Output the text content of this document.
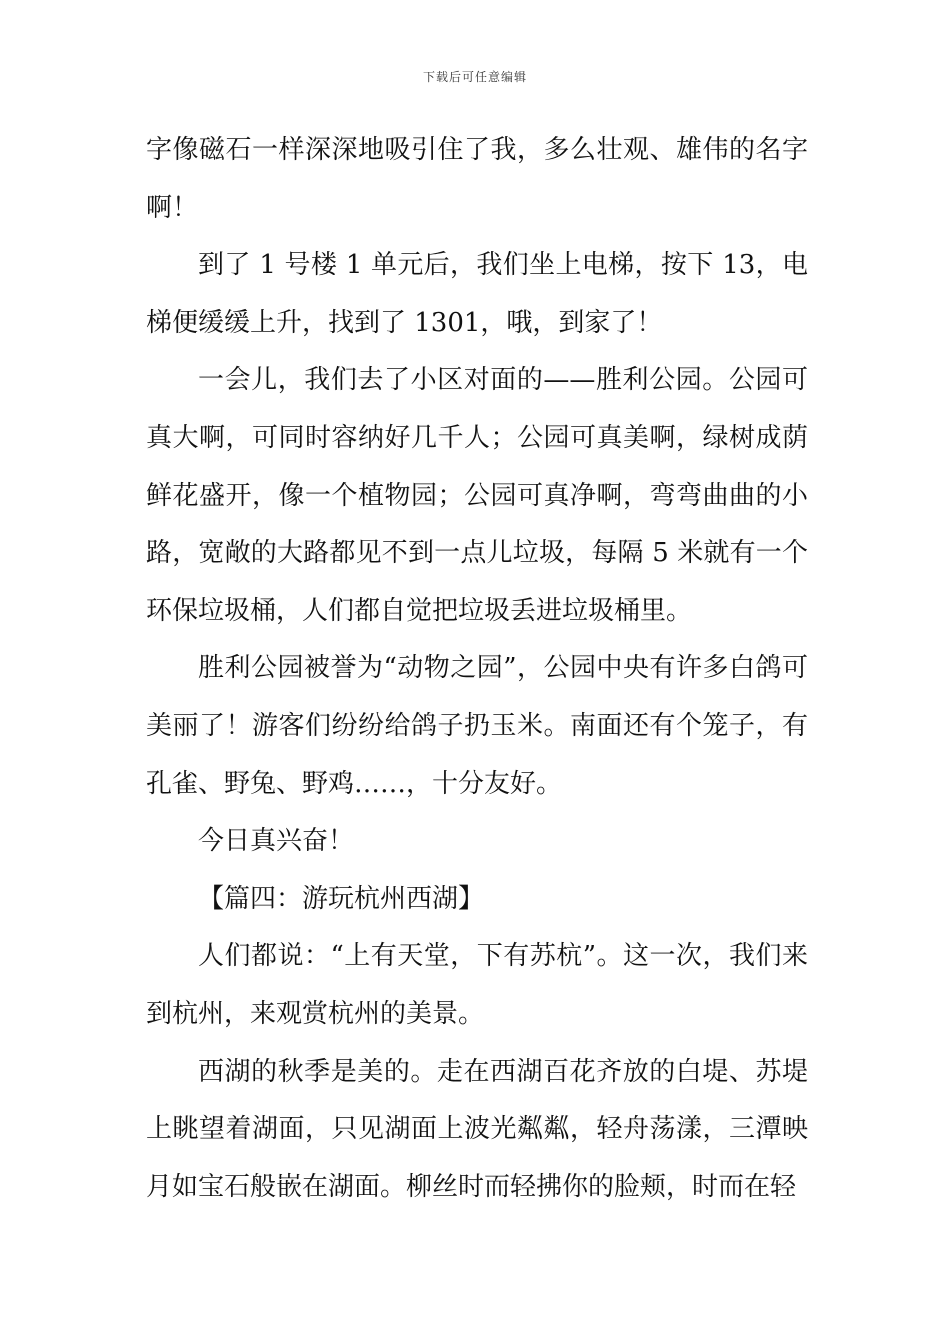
下载后可任意编辑

字像磁石一样深深地吸引住了我，多么壮观、雄伟的名字啊！

到了 1 号楼 1 单元后，我们坐上电梯，按下 13，电梯便缓缓上升，找到了 1301，哦，到家了！

一会儿，我们去了小区对面的——胜利公园。公园可真大啊，可同时容纳好几千人；公园可真美啊，绿树成荫鲜花盛开，像一个植物园；公园可真净啊，弯弯曲曲的小路，宽敞的大路都见不到一点儿垃圾，每隔 5 米就有一个环保垃圾桶，人们都自觉把垃圾丢进垃圾桶里。

胜利公园被誉为“动物之园”，公园中央有许多白鸽可美丽了！游客们纷纷给鸽子扔玉米。南面还有个笼子，有孔雀、野兔、野鸡……，十分友好。

今日真兴奋！

【篇四：游玩杭州西湖】

人们都说：“上有天堂，下有苏杭”。这一次，我们来到杭州，来观赏杭州的美景。

西湖的秋季是美的。走在西湖百花齐放的白堤、苏堤上眺望着湖面，只见湖面上波光粼粼，轻舟荡漾，三潭映月如宝石般嵌在湖面。柳丝时而轻拂你的脸颊，时而在轻
